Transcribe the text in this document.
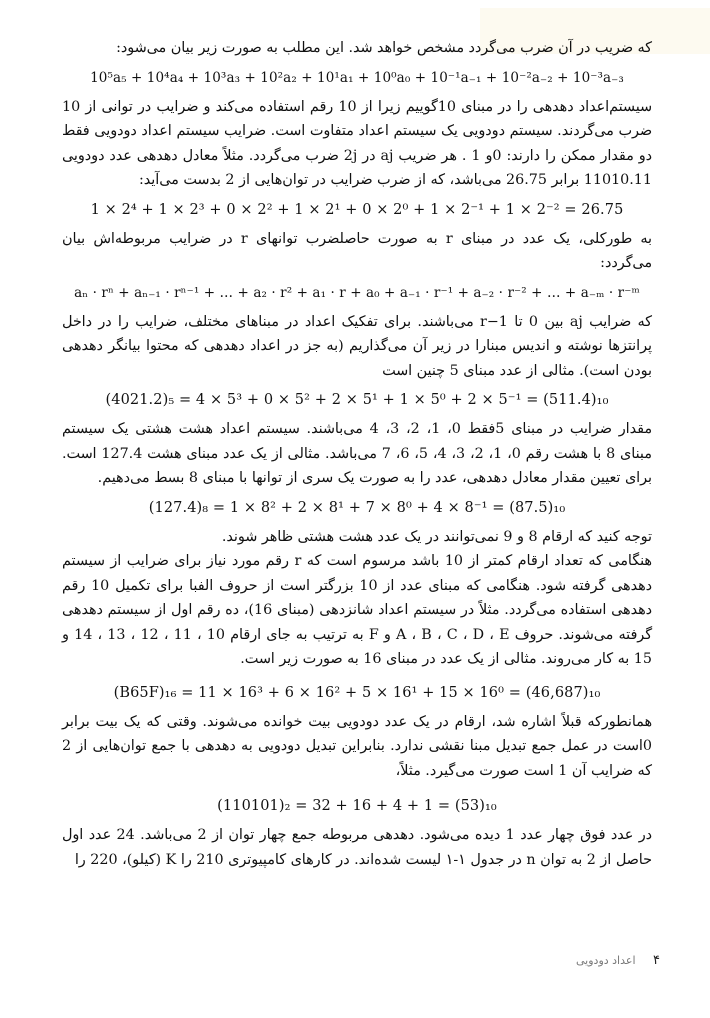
که ضریب در آن ضرب می‌گردد مشخص خواهد شد. این مطلب به صورت زیر بیان می‌شود:

10⁵a₅ + 10⁴a₄ + 10³a₃ + 10²a₂ + 10¹a₁ + 10⁰a₀ + 10⁻¹a₋₁ + 10⁻²a₋₂ + 10⁻³a₋₃

سیستم‌اعداد دهدهی را در مبنای 10گوییم زیرا از 10 رقم استفاده می‌کند و ضرایب در توانی از 10 ضرب می‌گردند. سیستم دودویی یک سیستم اعداد متفاوت است. ضرایب سیستم اعداد دودویی فقط دو مقدار ممکن را دارند: 0و 1 . هر ضریب aj در 2j ضرب می‌گردد. مثلاً معادل دهدهی عدد دودویی 11010.11 برابر 26.75 می‌باشد، که از ضرب ضرایب در توان‌هایی از 2 بدست می‌آید:

1 × 2⁴ + 1 × 2³ + 0 × 2² + 1 × 2¹ + 0 × 2⁰ + 1 × 2⁻¹ + 1 × 2⁻² = 26.75

به طورکلی، یک عدد در مبنای r به صورت حاصلضرب توانهای r در ضرایب مربوطه‌اش بیان می‌گردد:

aₙ · rⁿ + aₙ₋₁ · rⁿ⁻¹ + … + a₂ · r² + a₁ · r + a₀ + a₋₁ · r⁻¹ + a₋₂ · r⁻² + … + a₋ₘ · r⁻ᵐ

که ضرایب aj بین 0 تا r−1 می‌باشند. برای تفکیک اعداد در مبناهای مختلف، ضرایب را در داخل پرانتزها نوشته و اندیس مبنارا در زیر آن می‌گذاریم (به جز در اعداد دهدهی که محتوا بیانگر دهدهی بودن است). مثالی از عدد مبنای 5 چنین است

(4021.2)₅ = 4 × 5³ + 0 × 5² + 2 × 5¹ + 1 × 5⁰ + 2 × 5⁻¹ = (511.4)₁₀

مقدار ضرایب در مبنای 5فقط 0، 1، 2، 3، 4 می‌باشند. سیستم اعداد هشت هشتی یک سیستم مبنای 8 با هشت رقم 0، 1، 2، 3، 4، 5، 6، 7 می‌باشد. مثالی از یک عدد مبنای هشت 127.4 است. برای تعیین مقدار معادل دهدهی، عدد را به صورت یک سری از توانها با مبنای 8 بسط می‌دهیم.

(127.4)₈ = 1 × 8² + 2 × 8¹ + 7 × 8⁰ + 4 × 8⁻¹ = (87.5)₁₀

توجه کنید که ارقام 8 و 9 نمی‌توانند در یک عدد هشت هشتی ظاهر شوند.

هنگامی که تعداد ارقام کمتر از 10 باشد مرسوم است که r رقم مورد نیاز برای ضرایب از سیستم دهدهی گرفته شود. هنگامی که مبنای عدد از 10 بزرگتر است از حروف الفبا برای تکمیل 10 رقم دهدهی استفاده می‌گردد. مثلاً در سیستم اعداد شانزدهی (مبنای 16)، ده رقم اول از سیستم دهدهی گرفته می‌شوند. حروف A ، B ، C ، D ، E و F به ترتیب به جای ارقام 10 ، 11 ، 12 ، 13 ، 14 و 15 به کار می‌روند. مثالی از یک عدد در مبنای 16 به صورت زیر است.

(B65F)₁₆ = 11 × 16³ + 6 × 16² + 5 × 16¹ + 15 × 16⁰ = (46,687)₁₀

همانطورکه قبلاً اشاره شد، ارقام در یک عدد دودویی بیت خوانده می‌شوند. وقتی که یک بیت برابر 0است در عمل جمع تبدیل مبنا نقشی ندارد. بنابراین تبدیل دودویی به دهدهی با جمع توان‌هایی از 2 که ضرایب آن 1 است صورت می‌گیرد. مثلاً،

(110101)₂ = 32 + 16 + 4 + 1 = (53)₁₀

در عدد فوق چهار عدد 1 دیده می‌شود. دهدهی مربوطه جمع چهار توان از 2 می‌باشد. 24 عدد اول حاصل از 2 به توان n در جدول ۱-۱ لیست شده‌اند. در کارهای کامپیوتری 210 را K (کیلو)، 220 را

۴ اعداد دودویی
